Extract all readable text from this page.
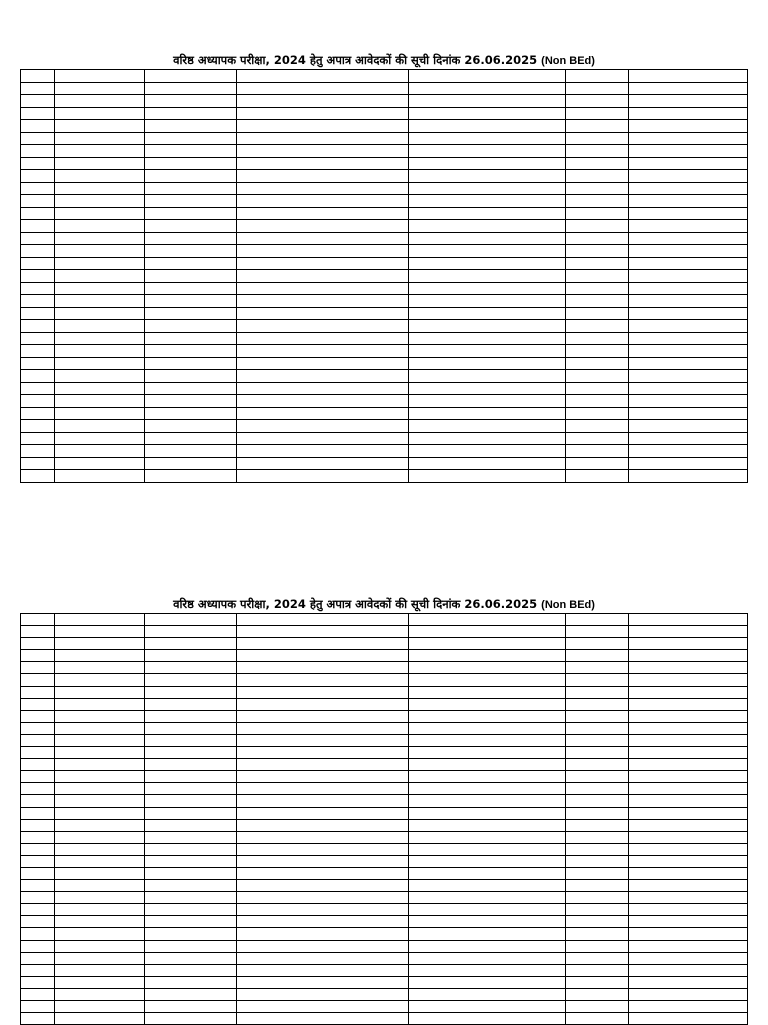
वरिष्ठ अध्यापक परीक्षा, 2024 हेतु अपात्र आवेदकों की सूची दिनांक 26.06.2025 (Non BEd)

वरिष्ठ अध्यापक परीक्षा, 2024 हेतु अपात्र आवेदकों की सूची दिनांक 26.06.2025 (Non BEd)
